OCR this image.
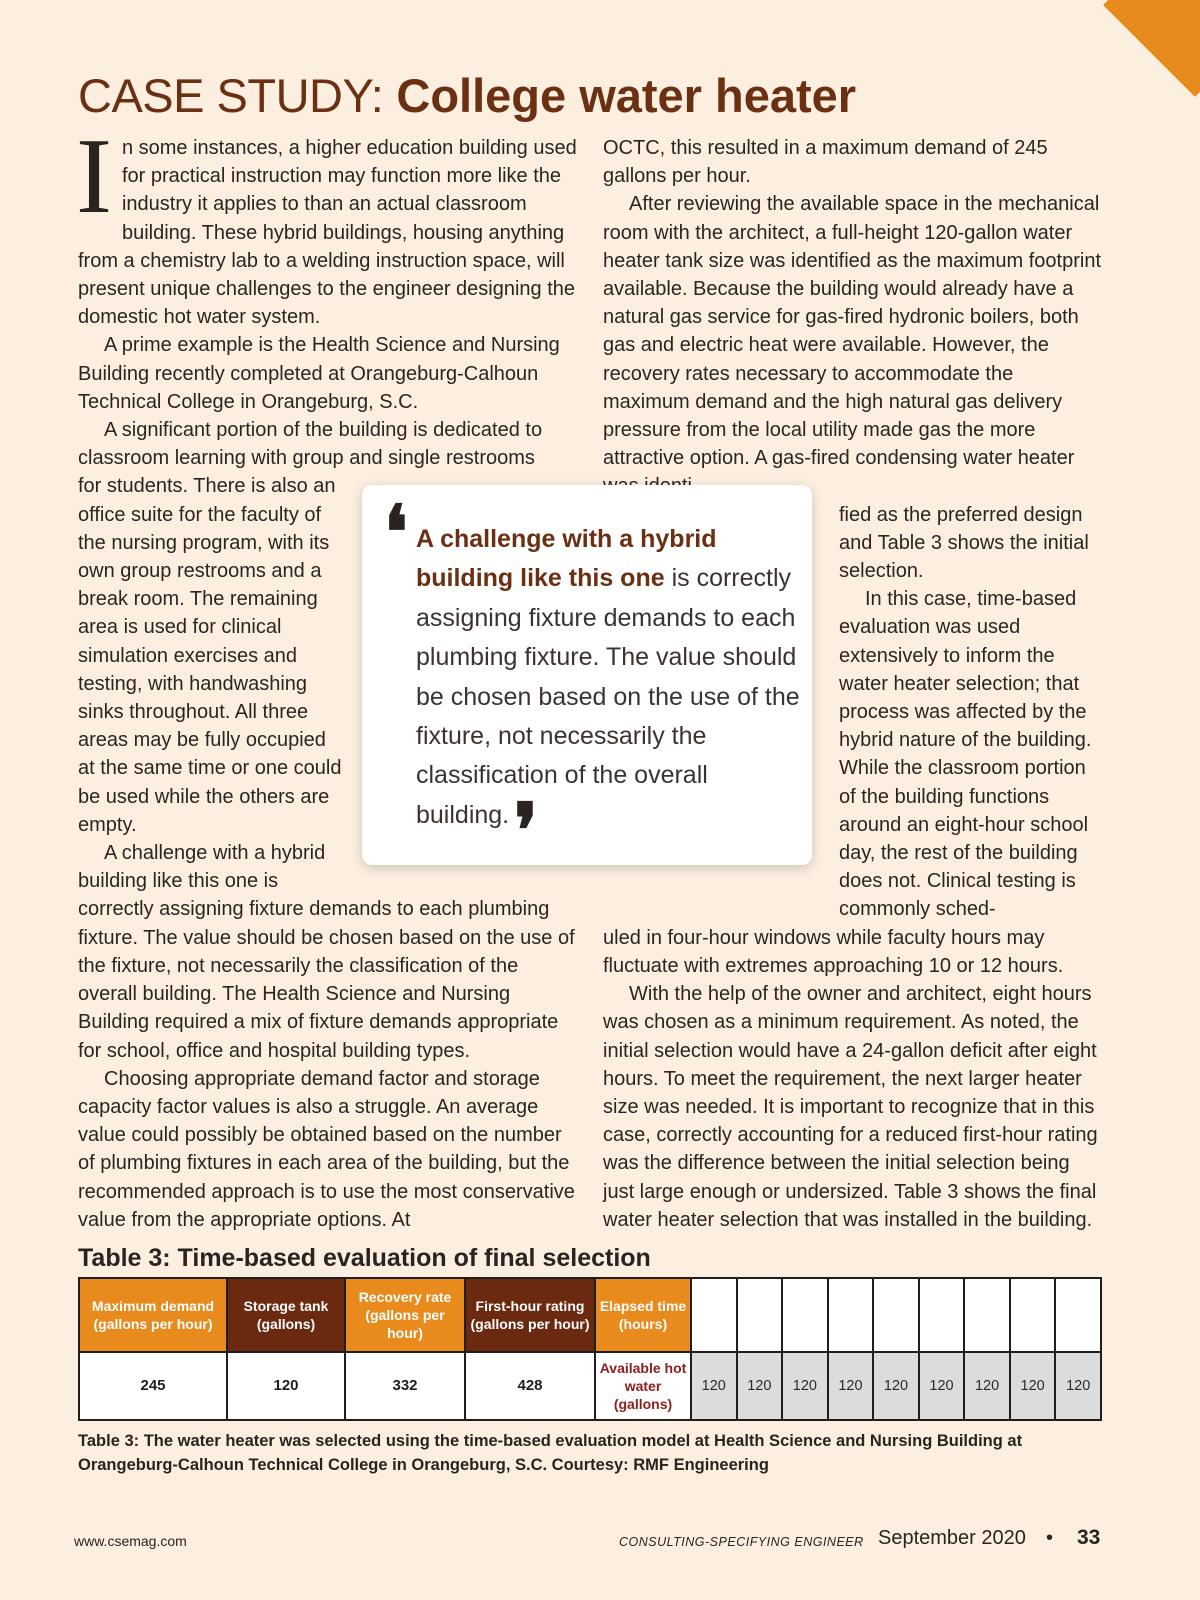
CASE STUDY: College water heater

In some instances, a higher education building used for practical instruction may function more like the industry it applies to than an actual classroom building. These hybrid buildings, housing anything from a chemistry lab to a welding instruction space, will present unique challenges to the engineer designing the domestic hot water system.

A prime example is the Health Science and Nursing Building recently completed at Orangeburg-Calhoun Technical College in Orangeburg, S.C.

A significant portion of the building is dedicated to classroom learning with group and single restrooms

for students. There is also an office suite for the faculty of the nursing program, with its own group restrooms and a break room. The remaining area is used for clinical simulation exercises and testing, with handwashing sinks throughout. All three areas may be fully occupied at the same time or one could be used while the others are empty.

A challenge with a hybrid building like this one is

correctly assigning fixture demands to each plumbing fixture. The value should be chosen based on the use of the fixture, not necessarily the classification of the overall building. The Health Science and Nursing Building required a mix of fixture demands appropriate for school, office and hospital building types.

Choosing appropriate demand factor and storage capacity factor values is also a struggle. An average value could possibly be obtained based on the number of plumbing fixtures in each area of the building, but the recommended approach is to use the most conservative value from the appropriate options. At

OCTC, this resulted in a maximum demand of 245 gallons per hour.

After reviewing the available space in the mechanical room with the architect, a full-height 120-gallon water heater tank size was identified as the maximum footprint available. Because the building would already have a natural gas service for gas-fired hydronic boilers, both gas and electric heat were available. However, the recovery rates necessary to accommodate the maximum demand and the high natural gas delivery pressure from the local utility made gas the more attractive option. A gas-fired condensing water heater

fied as the preferred design and Table 3 shows the initial selection.

In this case, time-based evaluation was used extensively to inform the water heater selection; that process was affected by the hybrid nature of the building. While the classroom portion of the building functions around an eight-hour school day, the rest of the building does not. Clinical testing is commonly sched-

uled in four-hour windows while faculty hours may fluctuate with extremes approaching 10 or 12 hours.

With the help of the owner and architect, eight hours was chosen as a minimum requirement. As noted, the initial selection would have a 24-gallon deficit after eight hours. To meet the requirement, the next larger heater size was needed. It is important to recognize that in this case, correctly accounting for a reduced first-hour rating was the difference between the initial selection being just large enough or undersized. Table 3 shows the final water heater selection that was installed in the building.

❛ A challenge with a hybrid building like this one is correctly assigning fixture demands to each plumbing fixture. The value should be chosen based on the use of the fixture, not necessarily the classification of the overall building. ❜
Table 3: Time-based evaluation of final selection
Maximum demand (gallons per hour)	Storage tank (gallons)	Recovery rate (gallons per hour)	First-hour rating (gallons per hour)	Elapsed time (hours)	0	1	2	3	4	5	6	7	8
245	120	332	428	Available hot water (gallons)	120	120	120	120	120	120	120	120	120

Table 3: The water heater was selected using the time-based evaluation model at Health Science and Nursing Building at Orangeburg-Calhoun Technical College in Orangeburg, S.C. Courtesy: RMF Engineering

www.csemag.com	CONSULTING-SPECIFYING ENGINEER September 2020 • 33
